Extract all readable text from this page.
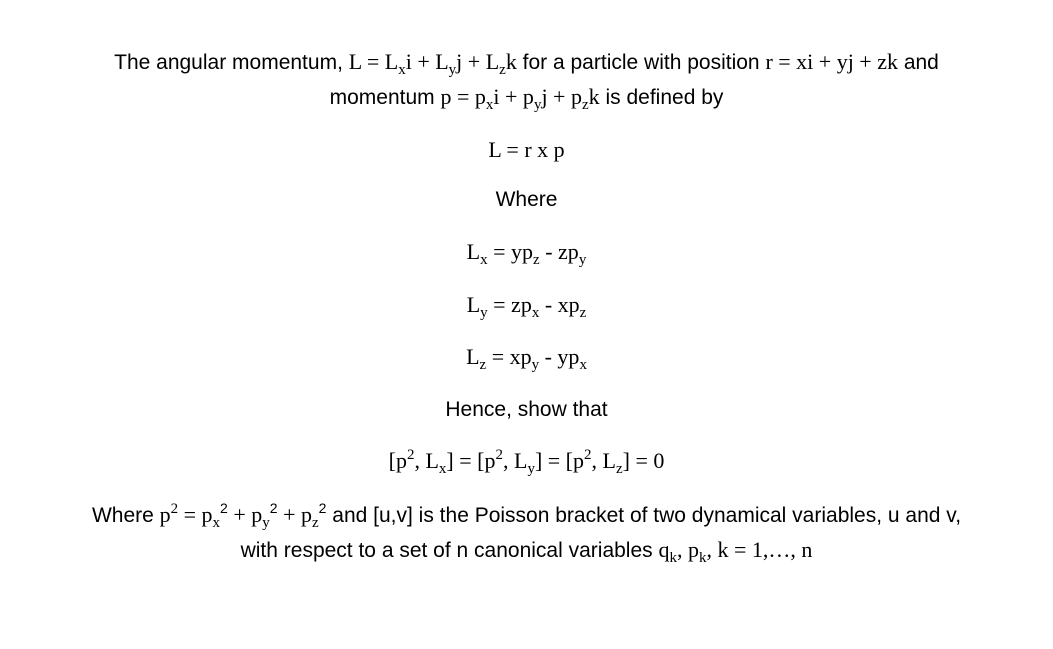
The angular momentum, $L = L_xi + L_yj + L_zk$ for a particle with position r = xi + yj + zk and
momentum $p = p_xi + p_yj + p_zk$ is defined by
L = r x p
Where
$L_x = yp_z - zp_y$
$L_y = zp_x - xp_z$
$L_z = xp_y - yp_x$
Hence, show that
[$p^2$, $L_x] = [p^2$, $L_y] = [p^2$, $L_z] = 0$
Where $p^2 = p_x^2 + p_y^2 + p_z^2$ and [u,v] is the Poisson bracket of two dynamical variables, u and v,
with respect to a set of n canonical variables $q_k$, $p_k$, k = 1,…, n
